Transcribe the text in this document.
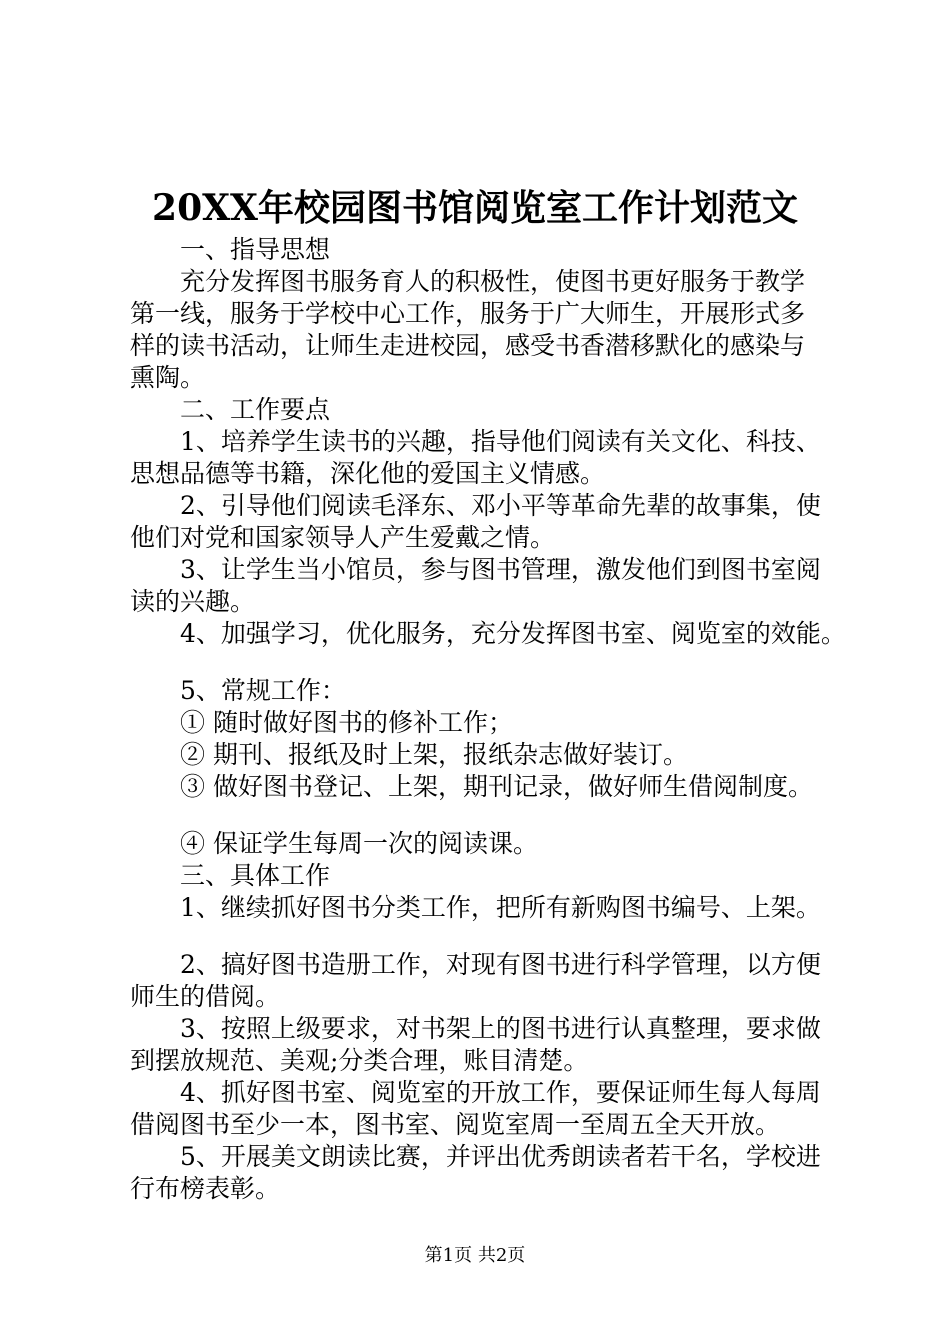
20XX年校园图书馆阅览室工作计划范文
一、指导思想
充分发挥图书服务育人的积极性，使图书更好服务于教学
第一线，服务于学校中心工作，服务于广大师生，开展形式多
样的读书活动，让师生走进校园，感受书香潜移默化的感染与
熏陶。
二、工作要点
1、培养学生读书的兴趣，指导他们阅读有关文化、科技、
思想品德等书籍，深化他的爱国主义情感。
2、引导他们阅读毛泽东、邓小平等革命先辈的故事集，使
他们对党和国家领导人产生爱戴之情。
3、让学生当小馆员，参与图书管理，激发他们到图书室阅
读的兴趣。
4、加强学习，优化服务，充分发挥图书室、阅览室的效能。
5、常规工作：
① 随时做好图书的修补工作；
② 期刊、报纸及时上架，报纸杂志做好装订。
③ 做好图书登记、上架，期刊记录，做好师生借阅制度。
④ 保证学生每周一次的阅读课。
三、具体工作
1、继续抓好图书分类工作，把所有新购图书编号、上架。
2、搞好图书造册工作，对现有图书进行科学管理，以方便
师生的借阅。
3、按照上级要求，对书架上的图书进行认真整理，要求做
到摆放规范、美观;分类合理，账目清楚。
4、抓好图书室、阅览室的开放工作，要保证师生每人每周
借阅图书至少一本，图书室、阅览室周一至周五全天开放。
5、开展美文朗读比赛，并评出优秀朗读者若干名，学校进
行布榜表彰。
第1页 共2页
